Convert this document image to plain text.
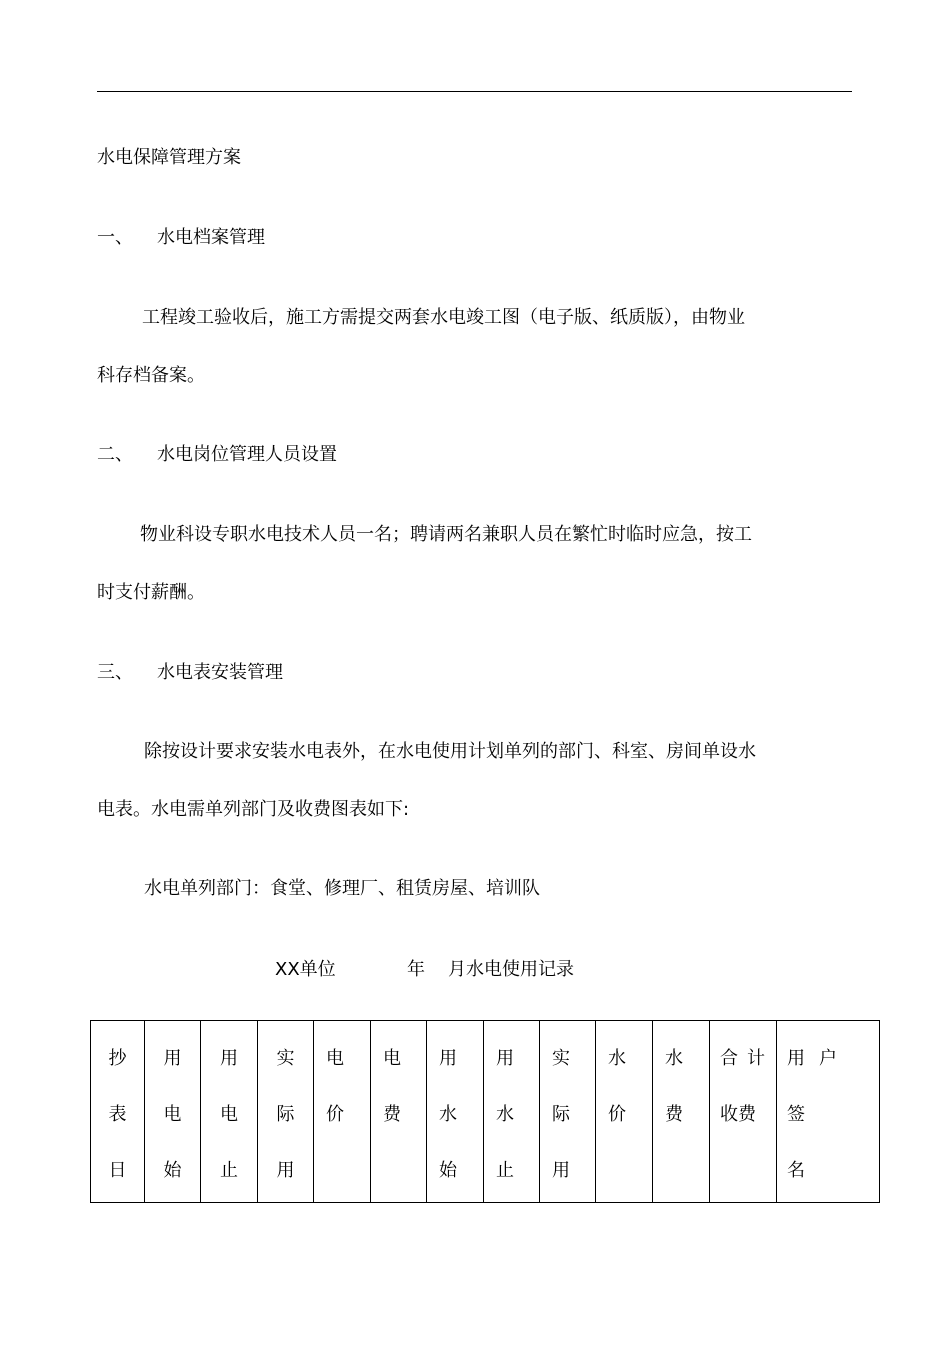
水电保障管理方案
一、 水电档案管理
工程竣工验收后，施工方需提交两套水电竣工图（电子版、纸质版），由物业
科存档备案。
二、 水电岗位管理人员设置
物业科设专职水电技术人员一名；聘请两名兼职人员在繁忙时临时应急，按工
时支付薪酬。
三、 水电表安装管理
除按设计要求安装水电表外，在水电使用计划单列的部门、科室、房间单设水
电表。水电需单列部门及收费图表如下:
水电单列部门：食堂、修理厂、租赁房屋、培训队
XX单位	年 月水电使用记录
抄
表
日

用
电
始

用
电
止

实
际
用

电
价

电
费

用
水
始

用
水
止

实
际
用

水
价

水
费

合计
收费

用户签
名
